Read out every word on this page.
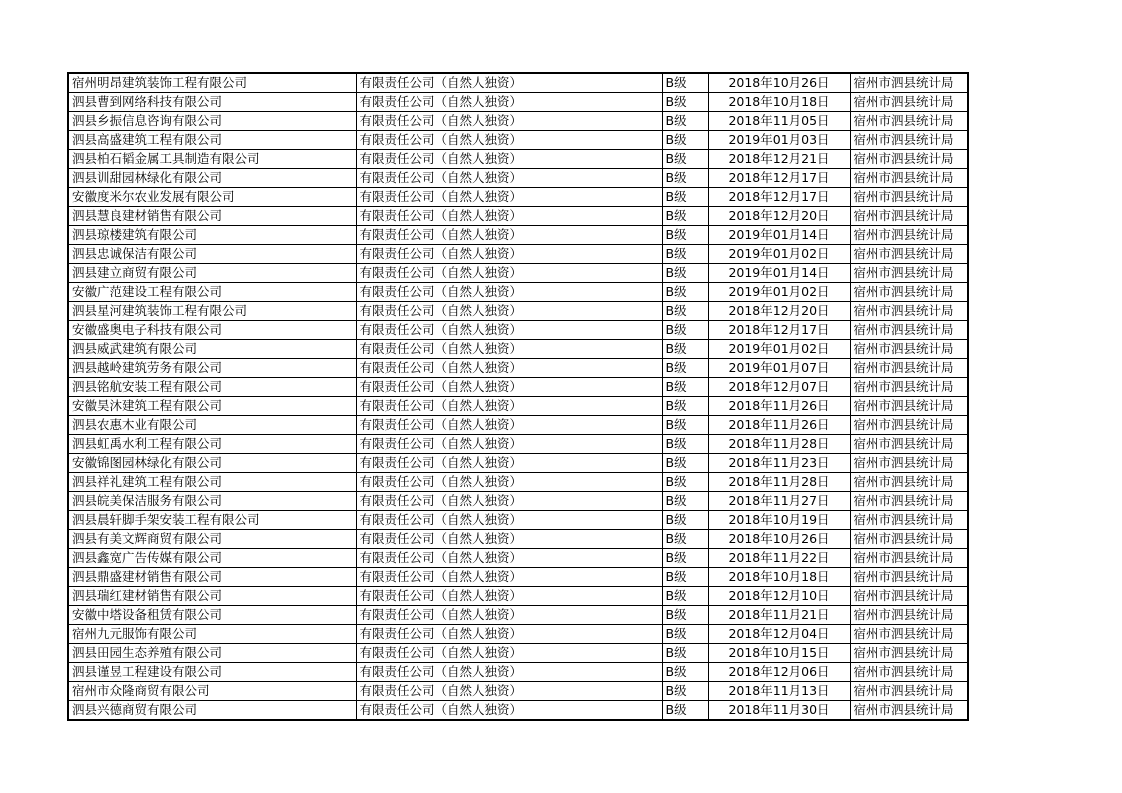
宿州明昂建筑装饰工程有限公司	有限责任公司（自然人独资）	B级	2018年10月26日	宿州市泗县统计局
泗县曹到网络科技有限公司	有限责任公司（自然人独资）	B级	2018年10月18日	宿州市泗县统计局
泗县乡振信息咨询有限公司	有限责任公司（自然人独资）	B级	2018年11月05日	宿州市泗县统计局
泗县高盛建筑工程有限公司	有限责任公司（自然人独资）	B级	2019年01月03日	宿州市泗县统计局
泗县柏石韬金属工具制造有限公司	有限责任公司（自然人独资）	B级	2018年12月21日	宿州市泗县统计局
泗县训甜园林绿化有限公司	有限责任公司（自然人独资）	B级	2018年12月17日	宿州市泗县统计局
安徽度米尔农业发展有限公司	有限责任公司（自然人独资）	B级	2018年12月17日	宿州市泗县统计局
泗县慧良建材销售有限公司	有限责任公司（自然人独资）	B级	2018年12月20日	宿州市泗县统计局
泗县琼楼建筑有限公司	有限责任公司（自然人独资）	B级	2019年01月14日	宿州市泗县统计局
泗县忠诚保洁有限公司	有限责任公司（自然人独资）	B级	2019年01月02日	宿州市泗县统计局
泗县建立商贸有限公司	有限责任公司（自然人独资）	B级	2019年01月14日	宿州市泗县统计局
安徽广范建设工程有限公司	有限责任公司（自然人独资）	B级	2019年01月02日	宿州市泗县统计局
泗县星河建筑装饰工程有限公司	有限责任公司（自然人独资）	B级	2018年12月20日	宿州市泗县统计局
安徽盛奥电子科技有限公司	有限责任公司（自然人独资）	B级	2018年12月17日	宿州市泗县统计局
泗县威武建筑有限公司	有限责任公司（自然人独资）	B级	2019年01月02日	宿州市泗县统计局
泗县越岭建筑劳务有限公司	有限责任公司（自然人独资）	B级	2019年01月07日	宿州市泗县统计局
泗县铭航安装工程有限公司	有限责任公司（自然人独资）	B级	2018年12月07日	宿州市泗县统计局
安徽昊沐建筑工程有限公司	有限责任公司（自然人独资）	B级	2018年11月26日	宿州市泗县统计局
泗县农惠木业有限公司	有限责任公司（自然人独资）	B级	2018年11月26日	宿州市泗县统计局
泗县虹禹水利工程有限公司	有限责任公司（自然人独资）	B级	2018年11月28日	宿州市泗县统计局
安徽锦图园林绿化有限公司	有限责任公司（自然人独资）	B级	2018年11月23日	宿州市泗县统计局
泗县祥礼建筑工程有限公司	有限责任公司（自然人独资）	B级	2018年11月28日	宿州市泗县统计局
泗县皖美保洁服务有限公司	有限责任公司（自然人独资）	B级	2018年11月27日	宿州市泗县统计局
泗县晨轩脚手架安装工程有限公司	有限责任公司（自然人独资）	B级	2018年10月19日	宿州市泗县统计局
泗县有美文辉商贸有限公司	有限责任公司（自然人独资）	B级	2018年10月26日	宿州市泗县统计局
泗县鑫宽广告传媒有限公司	有限责任公司（自然人独资）	B级	2018年11月22日	宿州市泗县统计局
泗县鼎盛建材销售有限公司	有限责任公司（自然人独资）	B级	2018年10月18日	宿州市泗县统计局
泗县瑞红建材销售有限公司	有限责任公司（自然人独资）	B级	2018年12月10日	宿州市泗县统计局
安徽中塔设备租赁有限公司	有限责任公司（自然人独资）	B级	2018年11月21日	宿州市泗县统计局
宿州九元服饰有限公司	有限责任公司（自然人独资）	B级	2018年12月04日	宿州市泗县统计局
泗县田园生态养殖有限公司	有限责任公司（自然人独资）	B级	2018年10月15日	宿州市泗县统计局
泗县谨昱工程建设有限公司	有限责任公司（自然人独资）	B级	2018年12月06日	宿州市泗县统计局
宿州市众隆商贸有限公司	有限责任公司（自然人独资）	B级	2018年11月13日	宿州市泗县统计局
泗县兴德商贸有限公司	有限责任公司（自然人独资）	B级	2018年11月30日	宿州市泗县统计局
